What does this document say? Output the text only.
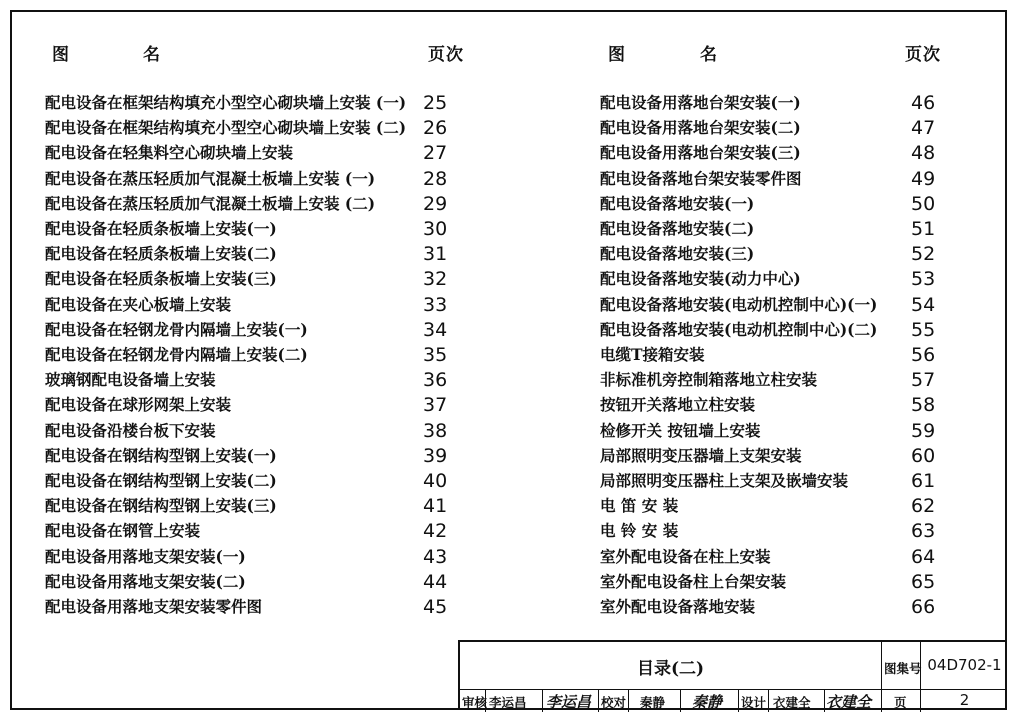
图	名	页次	图	名	页次
配电设备在框架结构填充小型空心砌块墙上安装 (一) 25
配电设备在框架结构填充小型空心砌块墙上安装 (二) 26
配电设备在轻集料空心砌块墙上安装	27
配电设备在蒸压轻质加气混凝土板墙上安装 (一)	28
配电设备在蒸压轻质加气混凝土板墙上安装 (二)	29
配电设备在轻质条板墙上安装(一)	30
配电设备在轻质条板墙上安装(二)	31
配电设备在轻质条板墙上安装(三)	32
配电设备在夹心板墙上安装	33
配电设备在轻钢龙骨内隔墙上安装(一)	34
配电设备在轻钢龙骨内隔墙上安装(二)	35
玻璃钢配电设备墙上安装	36
配电设备在球形网架上安装	37
配电设备沿楼台板下安装	38
配电设备在钢结构型钢上安装(一)	39
配电设备在钢结构型钢上安装(二)	40
配电设备在钢结构型钢上安装(三)	41
配电设备在钢管上安装	42
配电设备用落地支架安装(一)	43
配电设备用落地支架安装(二)	44
配电设备用落地支架安装零件图	45
配电设备用落地台架安装(一)	46
配电设备用落地台架安装(二)	47
配电设备用落地台架安装(三)	48
配电设备落地台架安装零件图	49
配电设备落地安装(一)	50
配电设备落地安装(二)	51
配电设备落地安装(三)	52
配电设备落地安装(动力中心)	53
配电设备落地安装(电动机控制中心)(一) 54
配电设备落地安装(电动机控制中心)(二) 55
电缆T接箱安装	56
非标准机旁控制箱落地立柱安装	57
按钮开关落地立柱安装	58
检修开关 按钮墙上安装	59
局部照明变压器墙上支架安装	60
局部照明变压器柱上支架及嵌墙安装	61
电 笛 安 装	62
电 铃 安 装	63
室外配电设备在柱上安装	64
室外配电设备柱上台架安装	65
室外配电设备落地安装	66
目录(二)	图集号 04D702-1
审核 李运昌 李运昌 校对 秦静 秦静 设计 衣建全 衣建全 页	2
